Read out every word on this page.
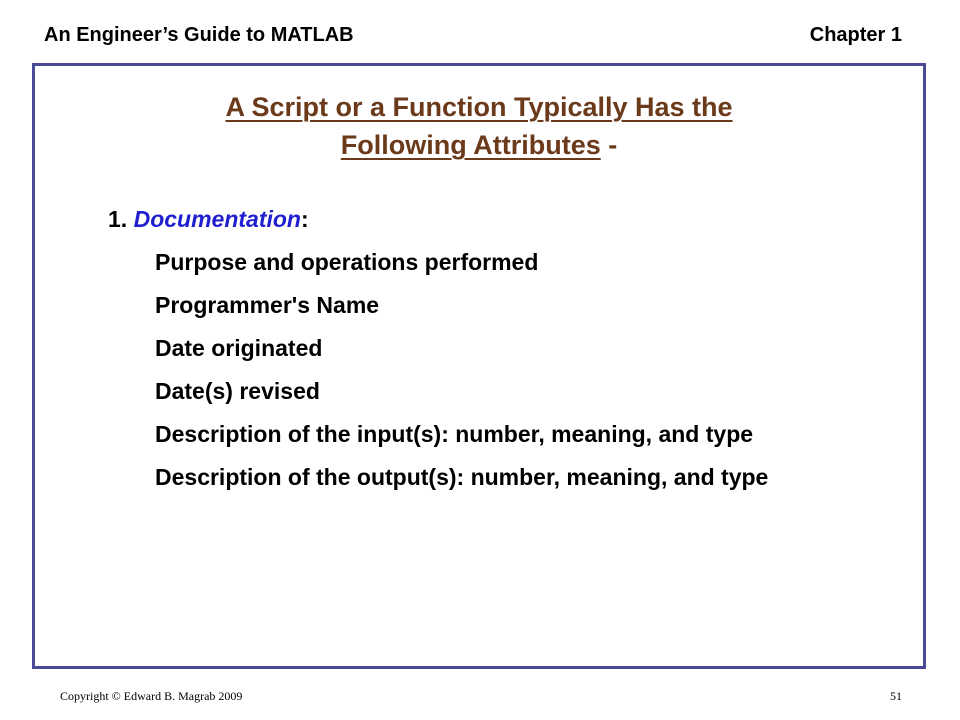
An Engineer’s Guide to MATLAB	Chapter 1
A Script or a Function Typically Has the
Following Attributes -
1. Documentation:
Purpose and operations performed
Programmer's Name
Date originated
Date(s) revised
Description of the input(s): number, meaning, and type
Description of the output(s): number, meaning, and type
Copyright © Edward B. Magrab 2009	51
